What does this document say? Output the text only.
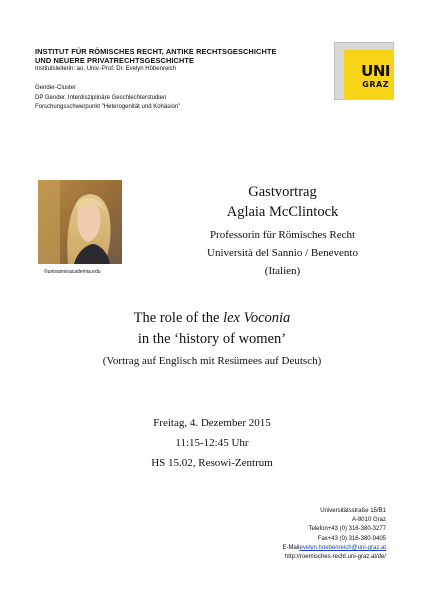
INSTITUT FÜR RÖMISCHES RECHT, ANTIKE RECHTSGESCHICHTE
UND NEUERE PRIVATRECHTSGESCHICHTE
Institutsleiterin: ao. Univ.-Prof. Dr. Evelyn Höbenreich
Gender-Cluster
DP Gender. Interdisziplinäre Geschlechterstudien
Forschungsschwerpunkt "Heterogenität und Kohäsion"
UNI
GRAZ
©unisannioacademia.edu
Gastvortrag
Aglaia McClintock
Professorin für Römisches Recht
Università del Sannio / Benevento
(Italien)
The role of the lex Voconia
in the ‘history of women’
(Vortrag auf Englisch mit Resümees auf Deutsch)
Freitag, 4. Dezember 2015
11:15-12:45 Uhr
HS 15.02, Resowi-Zentrum
Universitätsstraße 15/B1
A-8010 Graz
Telefon+43 (0) 316-380-3277
Fax+43 (0) 316-380-9405
E-Mailevelyn.hoebenreich@uni-graz.at
http://roemisches-recht.uni-graz.at/de/
